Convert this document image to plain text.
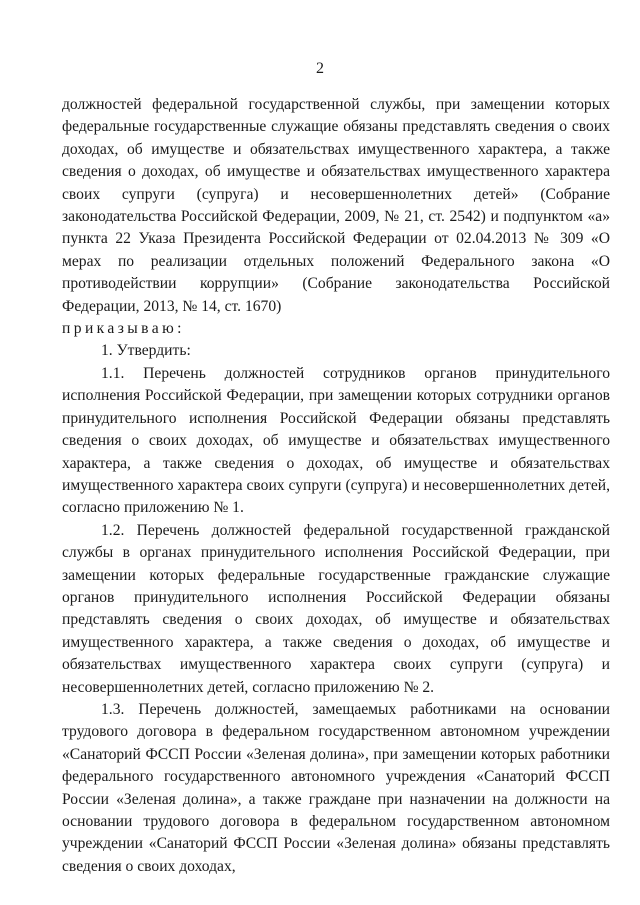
2

должностей федеральной государственной службы, при замещении которых федеральные государственные служащие обязаны представлять сведения о своих доходах, об имуществе и обязательствах имущественного характера, а также сведения о доходах, об имуществе и обязательствах имущественного характера своих супруги (супруга) и несовершеннолетних детей» (Собрание законодательства Российской Федерации, 2009, № 21, ст. 2542) и подпунктом «а» пункта 22 Указа Президента Российской Федерации от 02.04.2013 № 309 «О мерах по реализации отдельных положений Федерального закона «О противодействии коррупции» (Собрание законодательства Российской Федерации, 2013, № 14, ст. 1670)

приказываю:

1. Утвердить:

1.1. Перечень должностей сотрудников органов принудительного исполнения Российской Федерации, при замещении которых сотрудники органов принудительного исполнения Российской Федерации обязаны представлять сведения о своих доходах, об имуществе и обязательствах имущественного характера, а также сведения о доходах, об имуществе и обязательствах имущественного характера своих супруги (супруга) и несовершеннолетних детей, согласно приложению № 1.

1.2. Перечень должностей федеральной государственной гражданской службы в органах принудительного исполнения Российской Федерации, при замещении которых федеральные государственные гражданские служащие органов принудительного исполнения Российской Федерации обязаны представлять сведения о своих доходах, об имуществе и обязательствах имущественного характера, а также сведения о доходах, об имуществе и обязательствах имущественного характера своих супруги (супруга) и несовершеннолетних детей, согласно приложению № 2.

1.3. Перечень должностей, замещаемых работниками на основании трудового договора в федеральном государственном автономном учреждении «Санаторий ФССП России «Зеленая долина», при замещении которых работники федерального государственного автономного учреждения «Санаторий ФССП России «Зеленая долина», а также граждане при назначении на должности на основании трудового договора в федеральном государственном автономном учреждении «Санаторий ФССП России «Зеленая долина» обязаны представлять сведения о своих доходах,
